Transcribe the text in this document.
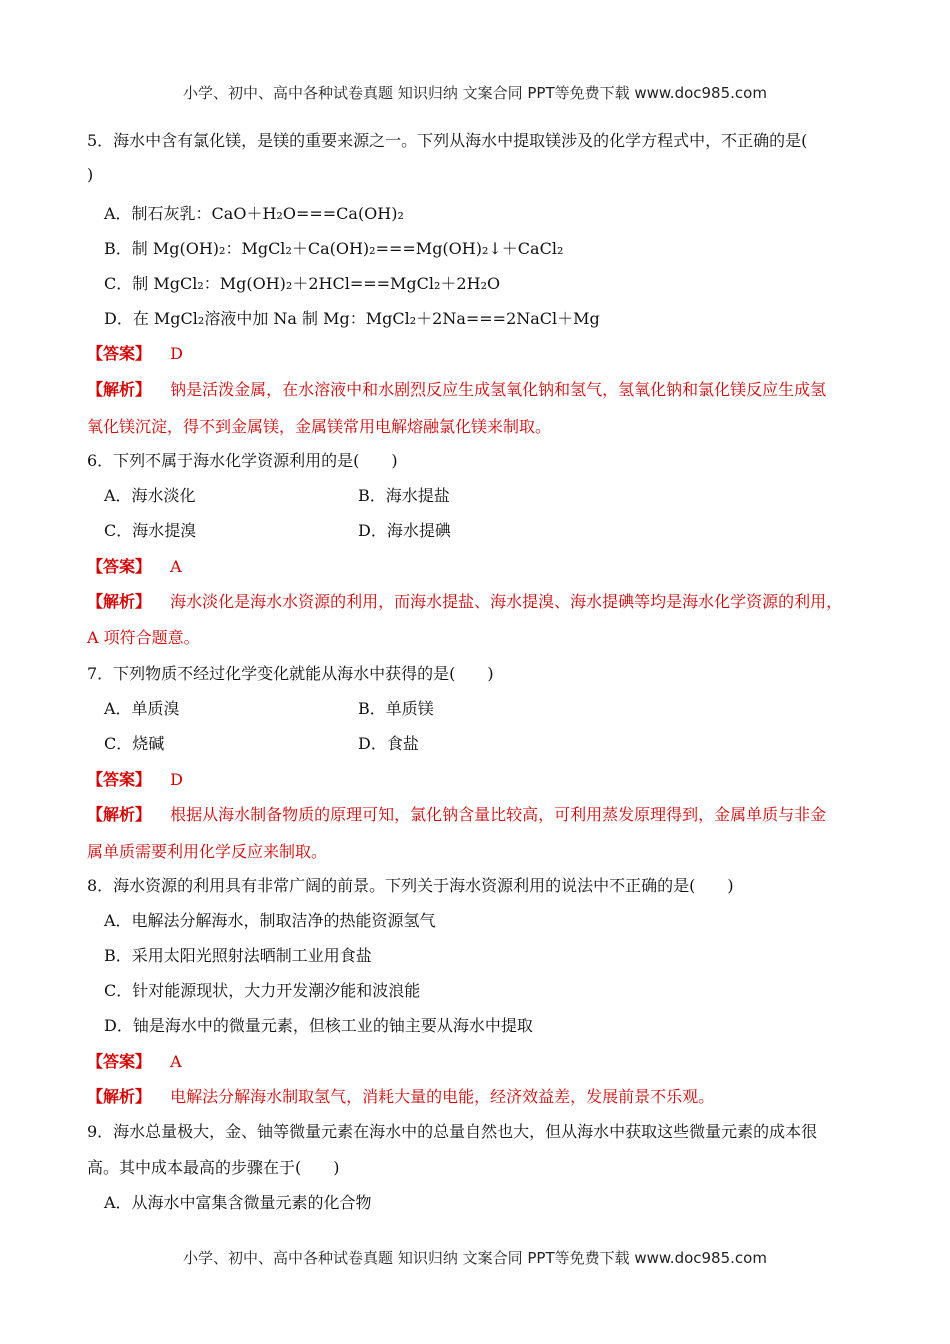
小学、初中、高中各种试卷真题 知识归纳 文案合同 PPT等免费下载 www.doc985.com
5．海水中含有氯化镁，是镁的重要来源之一。下列从海水中提取镁涉及的化学方程式中，不正确的是(
)
A．制石灰乳：CaO＋H₂O===Ca(OH)₂
B．制 Mg(OH)₂：MgCl₂＋Ca(OH)₂===Mg(OH)₂↓＋CaCl₂
C．制 MgCl₂：Mg(OH)₂＋2HCl===MgCl₂＋2H₂O
D．在 MgCl₂溶液中加 Na 制 Mg：MgCl₂＋2Na===2NaCl＋Mg
【答案】 D
【解析】 钠是活泼金属，在水溶液中和水剧烈反应生成氢氧化钠和氢气，氢氧化钠和氯化镁反应生成氢
氧化镁沉淀，得不到金属镁，金属镁常用电解熔融氯化镁来制取。
6．下列不属于海水化学资源利用的是(　　)
A．海水淡化	B．海水提盐
C．海水提溴	D．海水提碘
【答案】 A
【解析】 海水淡化是海水水资源的利用，而海水提盐、海水提溴、海水提碘等均是海水化学资源的利用，
A 项符合题意。
7．下列物质不经过化学变化就能从海水中获得的是(　　)
A．单质溴	B．单质镁
C．烧碱	D．食盐
【答案】 D
【解析】 根据从海水制备物质的原理可知，氯化钠含量比较高，可利用蒸发原理得到，金属单质与非金
属单质需要利用化学反应来制取。
8．海水资源的利用具有非常广阔的前景。下列关于海水资源利用的说法中不正确的是(　　)
A．电解法分解海水，制取洁净的热能资源氢气
B．采用太阳光照射法晒制工业用食盐
C．针对能源现状，大力开发潮汐能和波浪能
D．铀是海水中的微量元素，但核工业的铀主要从海水中提取
【答案】 A
【解析】 电解法分解海水制取氢气，消耗大量的电能，经济效益差，发展前景不乐观。
9．海水总量极大，金、铀等微量元素在海水中的总量自然也大，但从海水中获取这些微量元素的成本很
高。其中成本最高的步骤在于(　　)
A．从海水中富集含微量元素的化合物
小学、初中、高中各种试卷真题 知识归纳 文案合同 PPT等免费下载 www.doc985.com
